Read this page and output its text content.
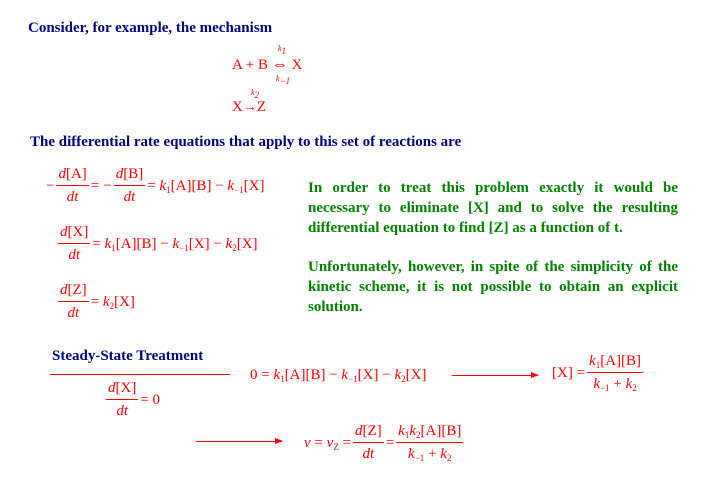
Consider, for example, the mechanism
The differential rate equations that apply to this set of reactions are
Steady-State Treatment
$k_1$
A + B ⇔ X
$k_{-1}$
$k_2$
X→Z
− $\frac{d[A]}{dt}$ = − $\frac{d[B]}{dt} = k_1[A][B] - k_{-1}[X]$
$\frac{d[X]}{dt} = k_1[A][B] - k_{-1}[X] - k_2[X]$
$\frac{d[Z]}{dt} = k_2[X]$
In order to treat this problem exactly it would be necessary to eliminate [X] and to solve the resulting differential equation to find [Z] as a function of t.
Unfortunately, however, in spite of the simplicity of the kinetic scheme, it is not possible to obtain an explicit solution.
$\frac{d[X]}{dt} = 0$
$0 = k_1[A][B] - k_{-1}[X] - k_2[X]$	$[X] = \frac{k_1[A][B]}{k_{-1} + k_2}$
$v = v_Z = \frac{d[Z]}{dt} = \frac{k_1k_2[A][B]}{k_{-1} + k_2}$
